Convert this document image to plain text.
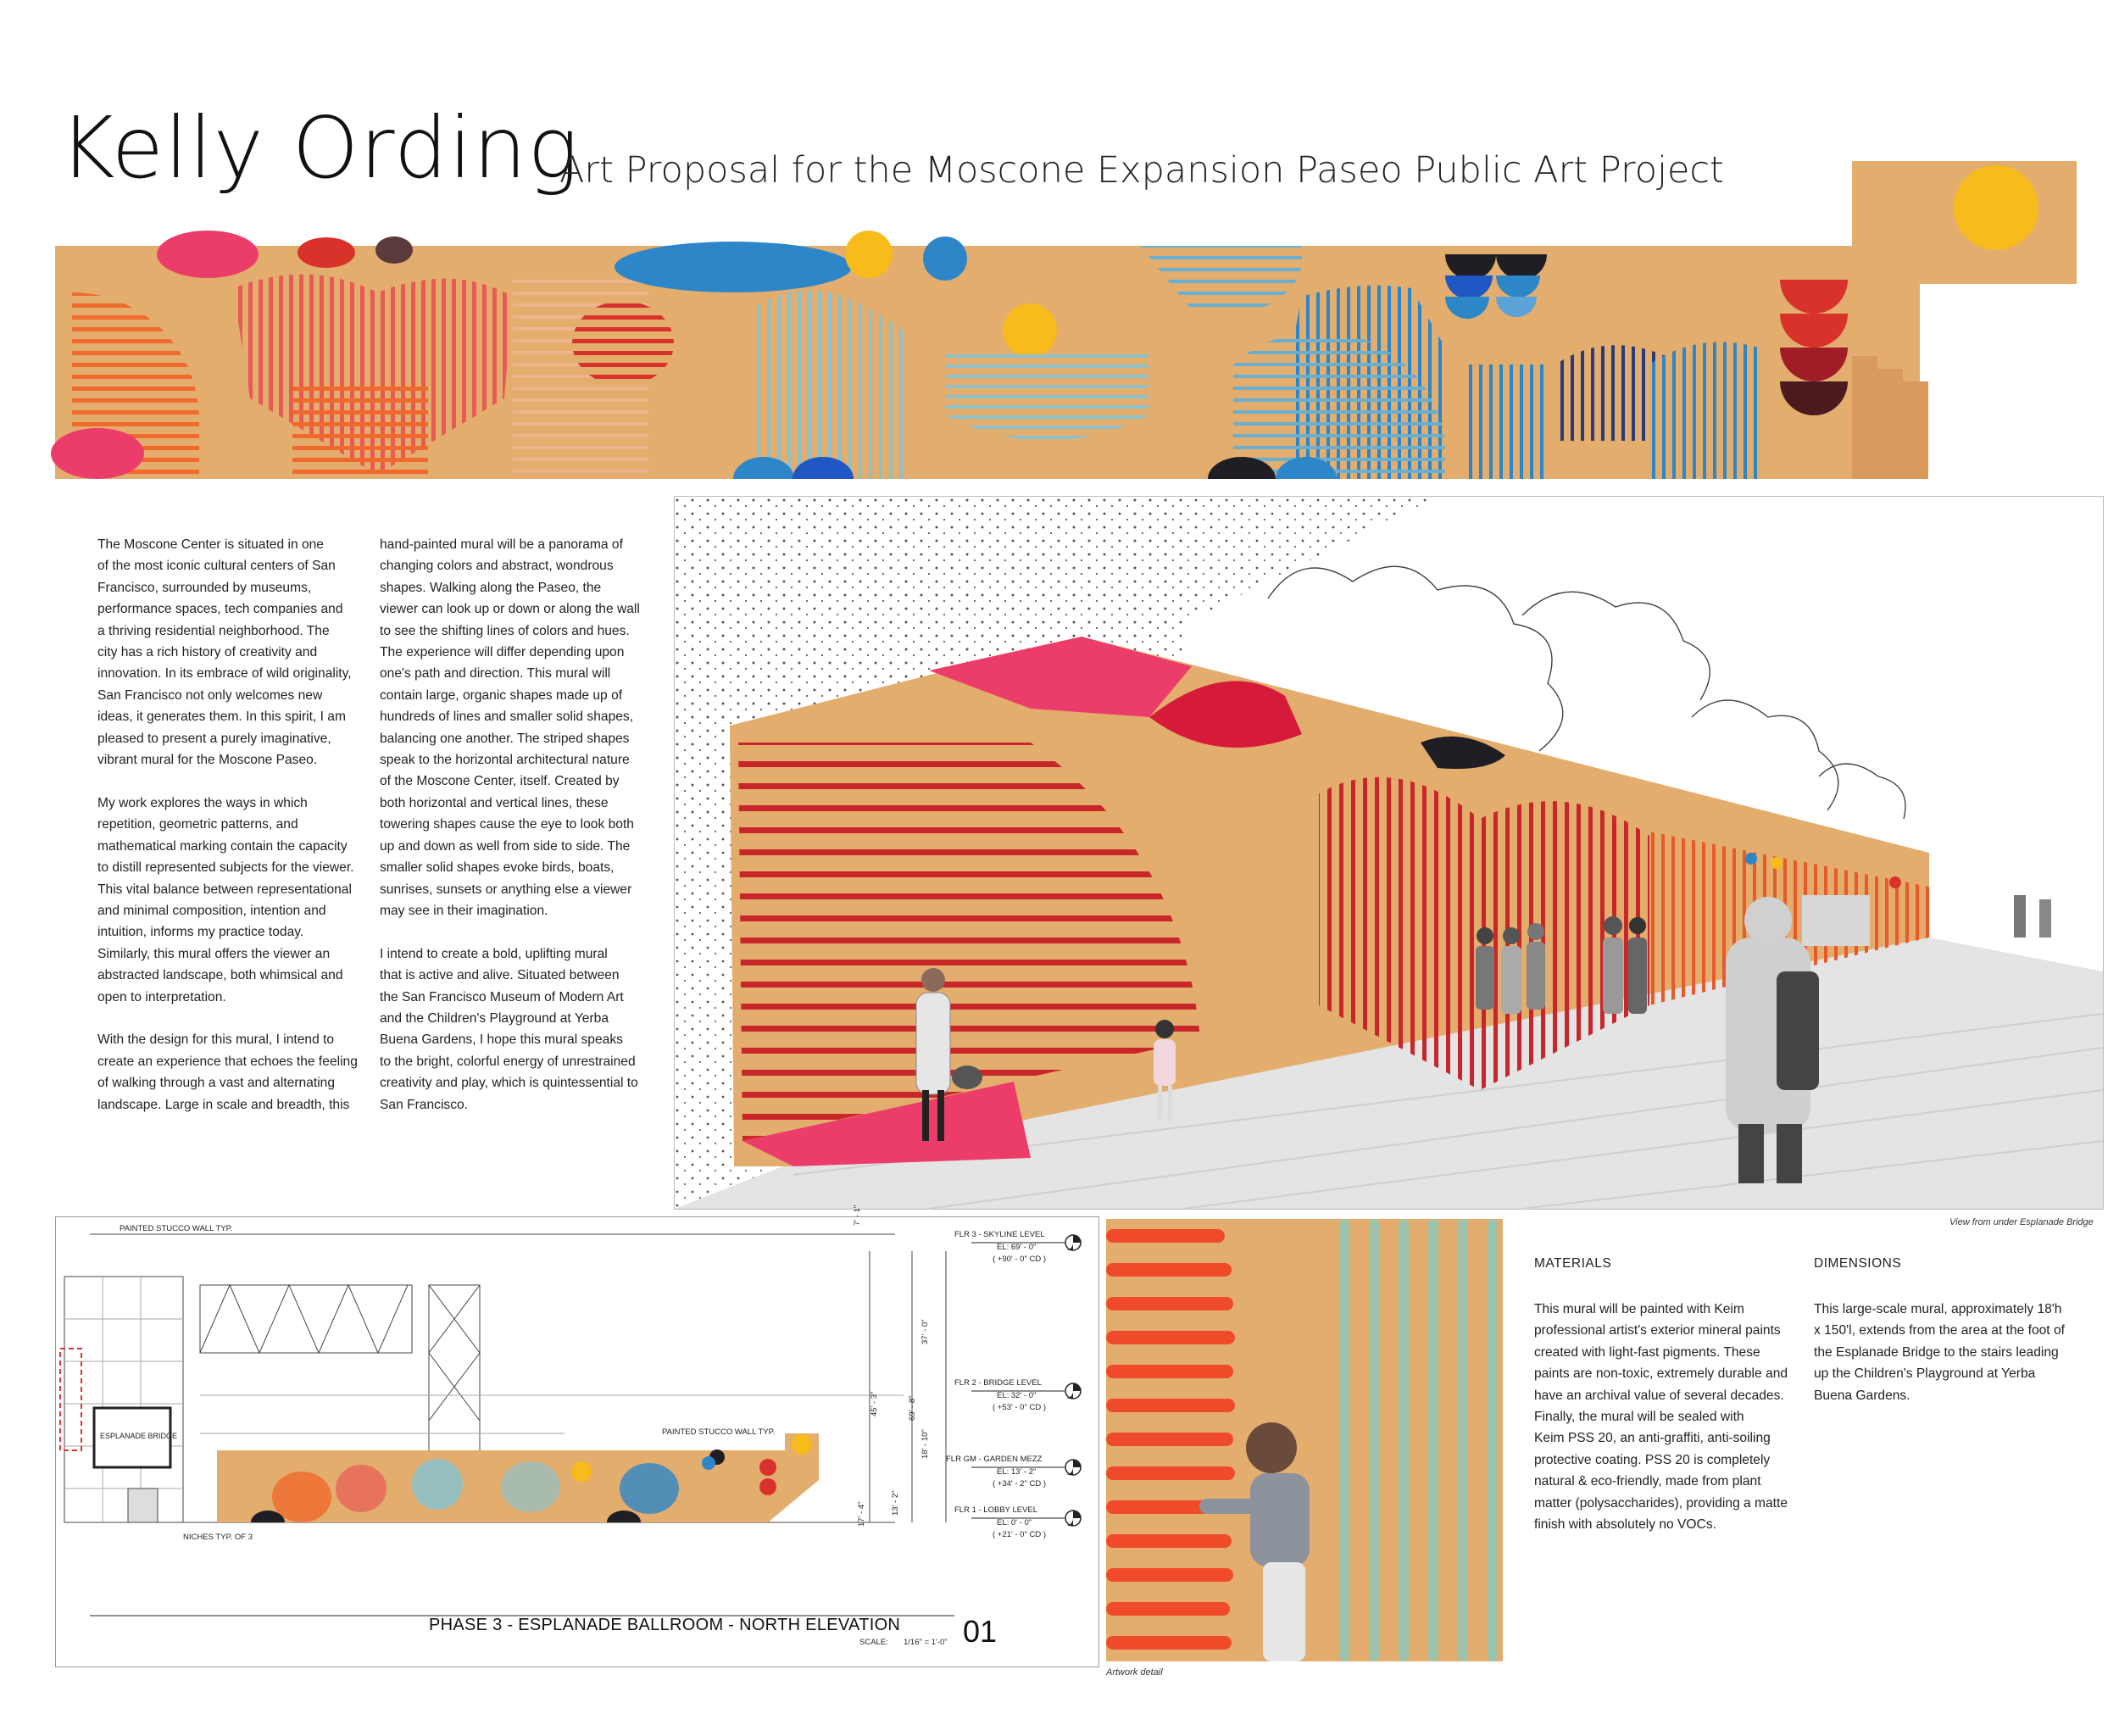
Kelly Ording
Art Proposal for the Moscone Expansion Paseo Public Art Project
The Moscone Center is situated in one
of the most iconic cultural centers of San
Francisco, surrounded by museums,
performance spaces, tech companies and
a thriving residential neighborhood. The
city has a rich history of creativity and
innovation. In its embrace of wild originality,
San Francisco not only welcomes new
ideas, it generates them. In this spirit, I am
pleased to present a purely imaginative,
vibrant mural for the Moscone Paseo.

My work explores the ways in which
repetition, geometric patterns, and
mathematical marking contain the capacity
to distill represented subjects for the viewer.
This vital balance between representational
and minimal composition, intention and
intuition, informs my practice today.
Similarly, this mural offers the viewer an
abstracted landscape, both whimsical and
open to interpretation.

With the design for this mural, I intend to
create an experience that echoes the feeling
of walking through a vast and alternating
landscape. Large in scale and breadth, this
hand-painted mural will be a panorama of
changing colors and abstract, wondrous
shapes. Walking along the Paseo, the
viewer can look up or down or along the wall
to see the shifting lines of colors and hues.
The experience will differ depending upon
one's path and direction. This mural will
contain large, organic shapes made up of
hundreds of lines and smaller solid shapes,
balancing one another. The striped shapes
speak to the horizontal architectural nature
of the Moscone Center, itself. Created by
both horizontal and vertical lines, these
towering shapes cause the eye to look both
up and down as well from side to side. The
smaller solid shapes evoke birds, boats,
sunrises, sunsets or anything else a viewer
may see in their imagination.

I intend to create a bold, uplifting mural
that is active and alive. Situated between
the San Francisco Museum of Modern Art
and the Children's Playground at Yerba
Buena Gardens, I hope this mural speaks
to the bright, colorful energy of unrestrained
creativity and play, which is quintessential to
San Francisco.
View from under Esplanade Bridge
PAINTED STUCCO WALL TYP.
PAINTED STUCCO WALL TYP.
ESPLANADE BRIDGE
NICHES TYP. OF 3
7' - 1"
37' - 0"
45' - 3"	69' - 8"
18' - 10"
17' - 4"	13' - 2"
FLR 3 - SKYLINE LEVEL
EL: 69' - 0"
( +90' - 0" CD )
FLR 2 - BRIDGE LEVEL
EL: 32' - 0"
( +53' - 0" CD )
FLR GM - GARDEN MEZZ
EL: 13' - 2"
( +34' - 2" CD )
FLR 1 - LOBBY LEVEL
EL: 0' - 0"
( +21' - 0" CD )
PHASE 3 - ESPLANADE BALLROOM - NORTH ELEVATION
SCALE: 1/16" = 1'-0" 01
Artwork detail
MATERIALS
This mural will be painted with Keim
professional artist's exterior mineral paints
created with light-fast pigments. These
paints are non-toxic, extremely durable and
have an archival value of several decades.
Finally, the mural will be sealed with
Keim PSS 20, an anti-graffiti, anti-soiling
protective coating. PSS 20 is completely
natural & eco-friendly, made from plant
matter (polysaccharides), providing a matte
finish with absolutely no VOCs.
DIMENSIONS
This large-scale mural, approximately 18'h
x 150'l, extends from the area at the foot of
the Esplanade Bridge to the stairs leading
up the Children's Playground at Yerba
Buena Gardens.
